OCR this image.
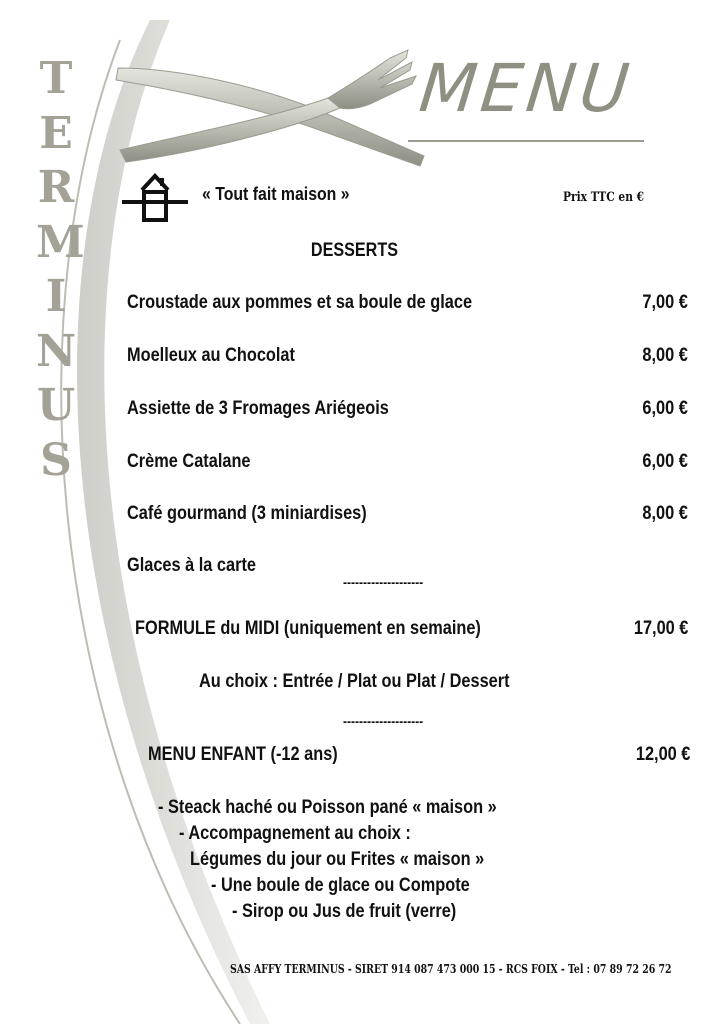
T
E
R
M
I
N
U
S
MENU
« Tout fait maison »	Prix TTC en €
DESSERTS
Croustade aux pommes et sa boule de glace	7,00 €
Moelleux au Chocolat	8,00 €
Assiette de 3 Fromages Ariégeois	6,00 €
Crème Catalane	6,00 €
Café gourmand (3 miniardises)	8,00 €
Glaces à la carte
--------------------
FORMULE du MIDI (uniquement en semaine)	17,00 €
Au choix : Entrée / Plat ou Plat / Dessert
--------------------
MENU ENFANT (-12 ans)	12,00 €
- Steack haché ou Poisson pané « maison »
- Accompagnement au choix :
Légumes du jour ou Frites « maison »
- Une boule de glace ou Compote
- Sirop ou Jus de fruit (verre)
SAS AFFY TERMINUS - SIRET 914 087 473 000 15 - RCS FOIX - Tel : 07 89 72 26 72
